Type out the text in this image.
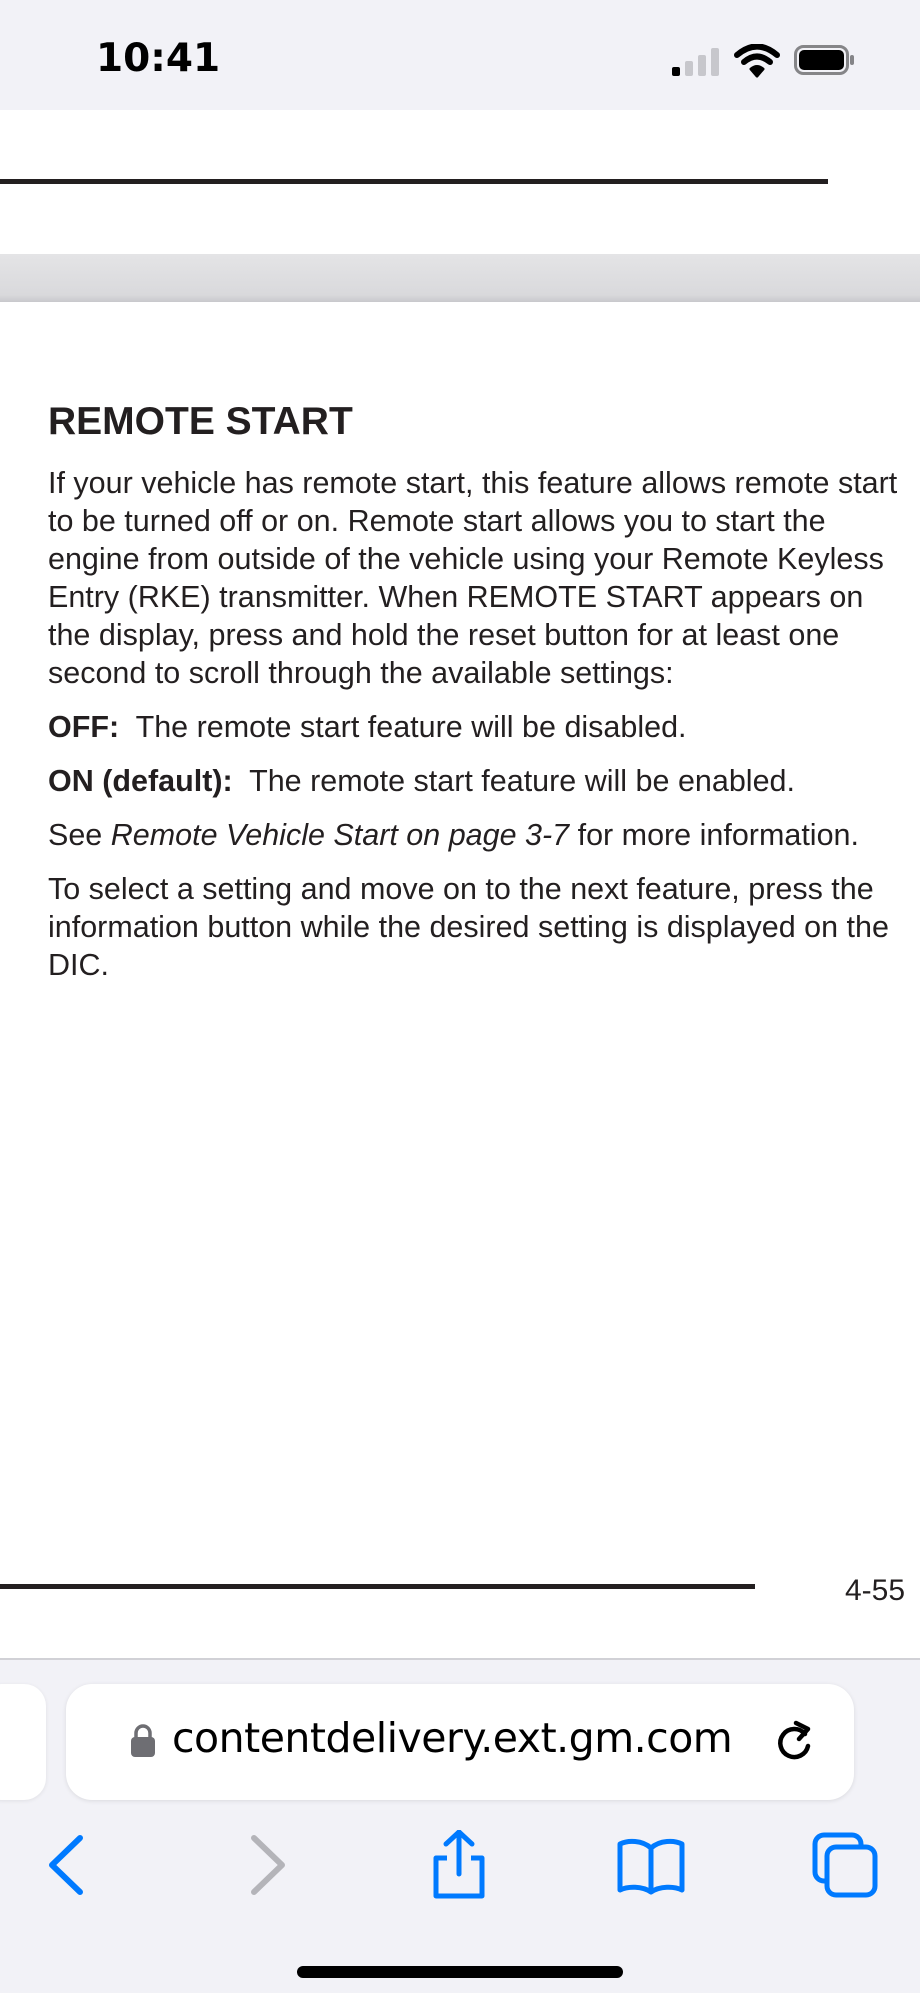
10:41
REMOTE START

If your vehicle has remote start, this feature allows remote start to be turned off or on. Remote start allows you to start the engine from outside of the vehicle using your Remote Keyless Entry (RKE) transmitter. When REMOTE START appears on the display, press and hold the reset button for at least one second to scroll through the available settings:

OFF: The remote start feature will be disabled.

ON (default): The remote start feature will be enabled.

See Remote Vehicle Start on page 3-7 for more information.

To select a setting and move on to the next feature, press the information button while the desired setting is displayed on the DIC.

4-55
contentdelivery.ext.gm.com
